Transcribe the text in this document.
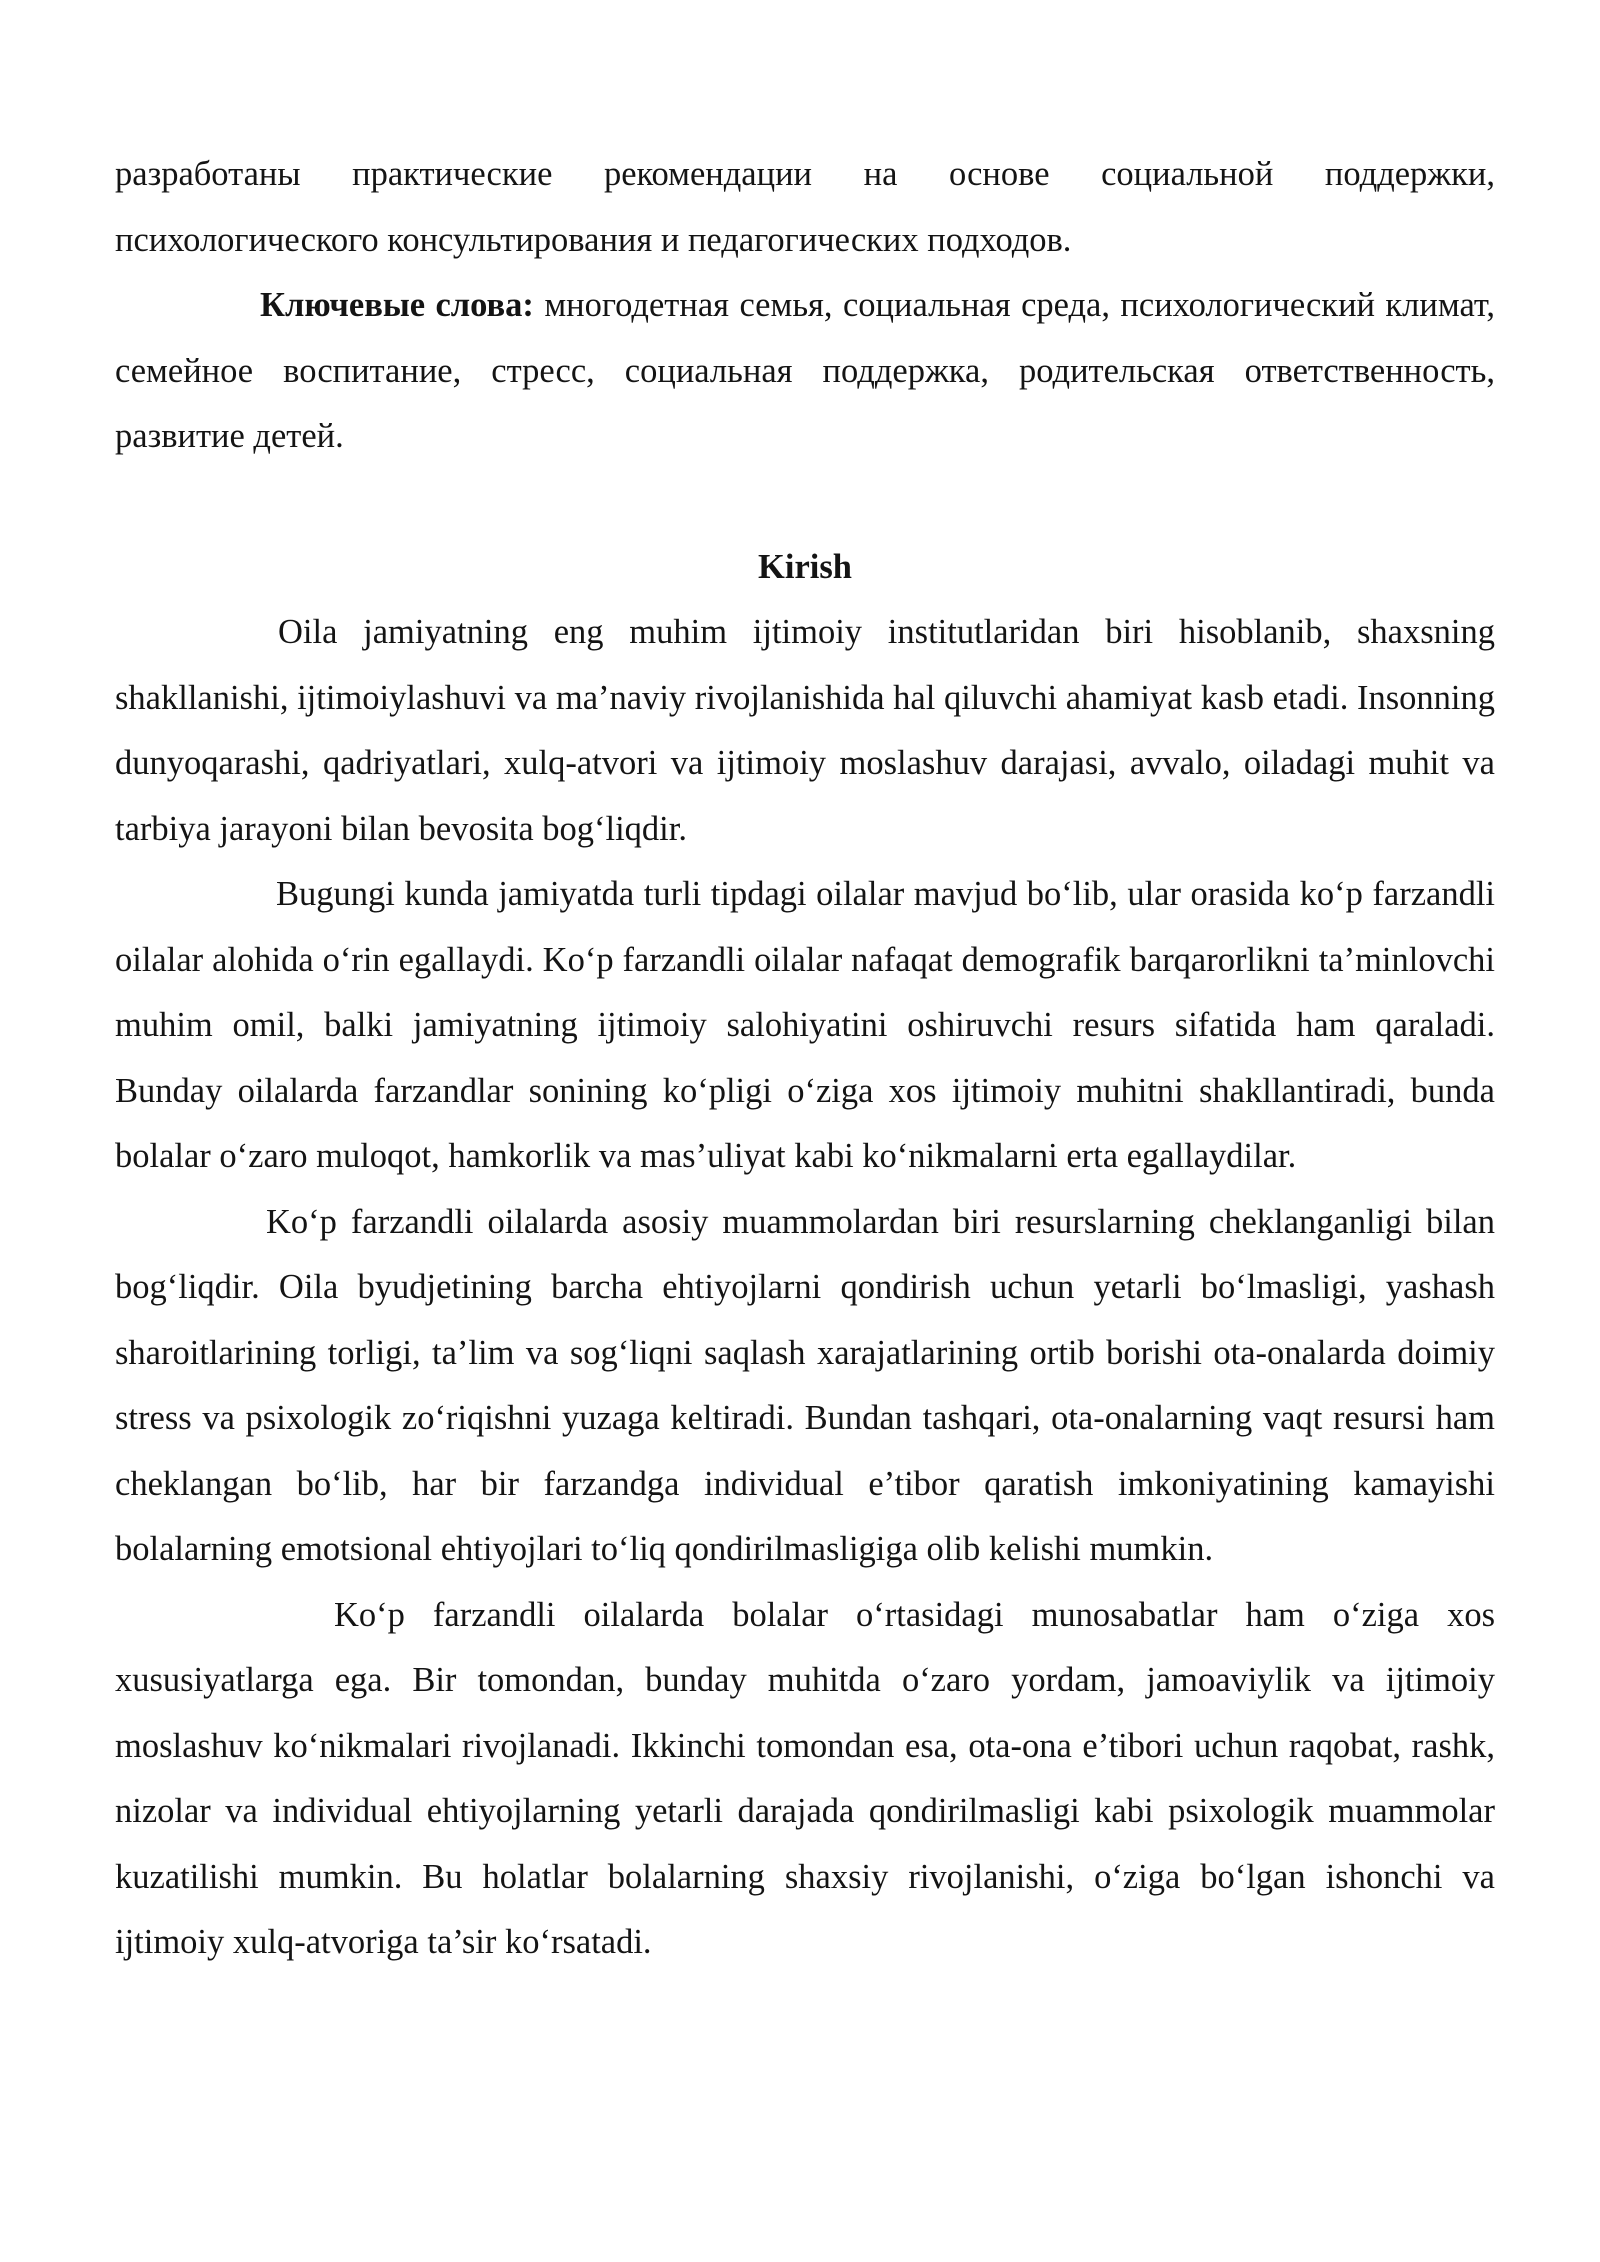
разработаны практические рекомендации на основе социальной поддержки, психологического консультирования и педагогических подходов.

Ключевые слова: многодетная семья, социальная среда, психологический климат, семейное воспитание, стресс, социальная поддержка, родительская ответственность, развитие детей.

Kirish

Oila jamiyatning eng muhim ijtimoiy institutlaridan biri hisoblanib, shaxsning shakllanishi, ijtimoiylashuvi va ma’naviy rivojlanishida hal qiluvchi ahamiyat kasb etadi. Insonning dunyoqarashi, qadriyatlari, xulq-atvori va ijtimoiy moslashuv darajasi, avvalo, oiladagi muhit va tarbiya jarayoni bilan bevosita bog‘liqdir.

Bugungi kunda jamiyatda turli tipdagi oilalar mavjud bo‘lib, ular orasida ko‘p farzandli oilalar alohida o‘rin egallaydi. Ko‘p farzandli oilalar nafaqat demografik barqarorlikni ta’minlovchi muhim omil, balki jamiyatning ijtimoiy salohiyatini oshiruvchi resurs sifatida ham qaraladi. Bunday oilalarda farzandlar sonining ko‘pligi o‘ziga xos ijtimoiy muhitni shakllantiradi, bunda bolalar o‘zaro muloqot, hamkorlik va mas’uliyat kabi ko‘nikmalarni erta egallaydilar.

Ko‘p farzandli oilalarda asosiy muammolardan biri resurslarning cheklanganligi bilan bog‘liqdir. Oila byudjetining barcha ehtiyojlarni qondirish uchun yetarli bo‘lmasligi, yashash sharoitlarining torligi, ta’lim va sog‘liqni saqlash xarajatlarining ortib borishi ota-onalarda doimiy stress va psixologik zo‘riqishni yuzaga keltiradi. Bundan tashqari, ota-onalarning vaqt resursi ham cheklangan bo‘lib, har bir farzandga individual e’tibor qaratish imkoniyatining kamayishi bolalarning emotsional ehtiyojlari to‘liq qondirilmasligiga olib kelishi mumkin.

Ko‘p farzandli oilalarda bolalar o‘rtasidagi munosabatlar ham o‘ziga xos xususiyatlarga ega. Bir tomondan, bunday muhitda o‘zaro yordam, jamoaviylik va ijtimoiy moslashuv ko‘nikmalari rivojlanadi. Ikkinchi tomondan esa, ota-ona e’tibori uchun raqobat, rashk, nizolar va individual ehtiyojlarning yetarli darajada qondirilmasligi kabi psixologik muammolar kuzatilishi mumkin. Bu holatlar bolalarning shaxsiy rivojlanishi, o‘ziga bo‘lgan ishonchi va ijtimoiy xulq-atvoriga ta’sir ko‘rsatadi.
